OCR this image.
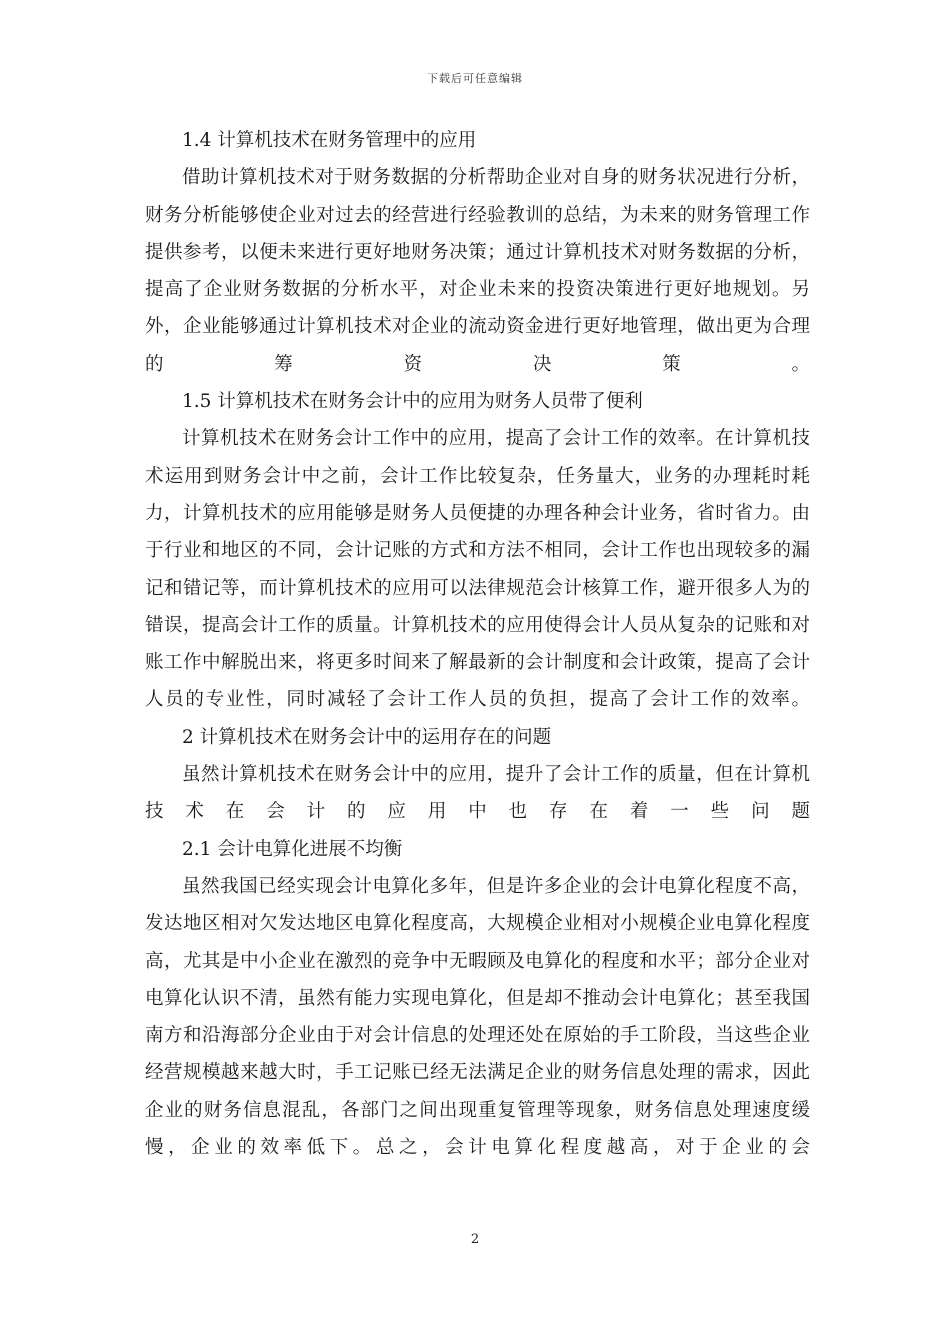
下载后可任意编辑
1.4 计算机技术在财务管理中的应用

借助计算机技术对于财务数据的分析帮助企业对自身的财务状况进行分析，财务分析能够使企业对过去的经营进行经验教训的总结，为未来的财务管理工作提供参考，以便未来进行更好地财务决策；通过计算机技术对财务数据的分析，提高了企业财务数据的分析水平，对企业未来的投资决策进行更好地规划。另外，企业能够通过计算机技术对企业的流动资金进行更好地管理，做出更为合理的筹资决策。

1.5 计算机技术在财务会计中的应用为财务人员带了便利

计算机技术在财务会计工作中的应用，提高了会计工作的效率。在计算机技术运用到财务会计中之前，会计工作比较复杂，任务量大，业务的办理耗时耗力，计算机技术的应用能够是财务人员便捷的办理各种会计业务，省时省力。由于行业和地区的不同，会计记账的方式和方法不相同，会计工作也出现较多的漏记和错记等，而计算机技术的应用可以法律规范会计核算工作，避开很多人为的错误，提高会计工作的质量。计算机技术的应用使得会计人员从复杂的记账和对账工作中解脱出来，将更多时间来了解最新的会计制度和会计政策，提高了会计人员的专业性，同时减轻了会计工作人员的负担，提高了会计工作的效率。

2 计算机技术在财务会计中的运用存在的问题

虽然计算机技术在财务会计中的应用，提升了会计工作的质量，但在计算机技术在会计的应用中也存在着一些问题

2.1 会计电算化进展不均衡

虽然我国已经实现会计电算化多年，但是许多企业的会计电算化程度不高，发达地区相对欠发达地区电算化程度高，大规模企业相对小规模企业电算化程度高，尤其是中小企业在激烈的竞争中无暇顾及电算化的程度和水平；部分企业对电算化认识不清，虽然有能力实现电算化，但是却不推动会计电算化；甚至我国南方和沿海部分企业由于对会计信息的处理还处在原始的手工阶段，当这些企业经营规模越来越大时，手工记账已经无法满足企业的财务信息处理的需求，因此企业的财务信息混乱，各部门之间出现重复管理等现象，财务信息处理速度缓慢，企业的效率低下。总之，会计电算化程度越高，对于企业的会

2
